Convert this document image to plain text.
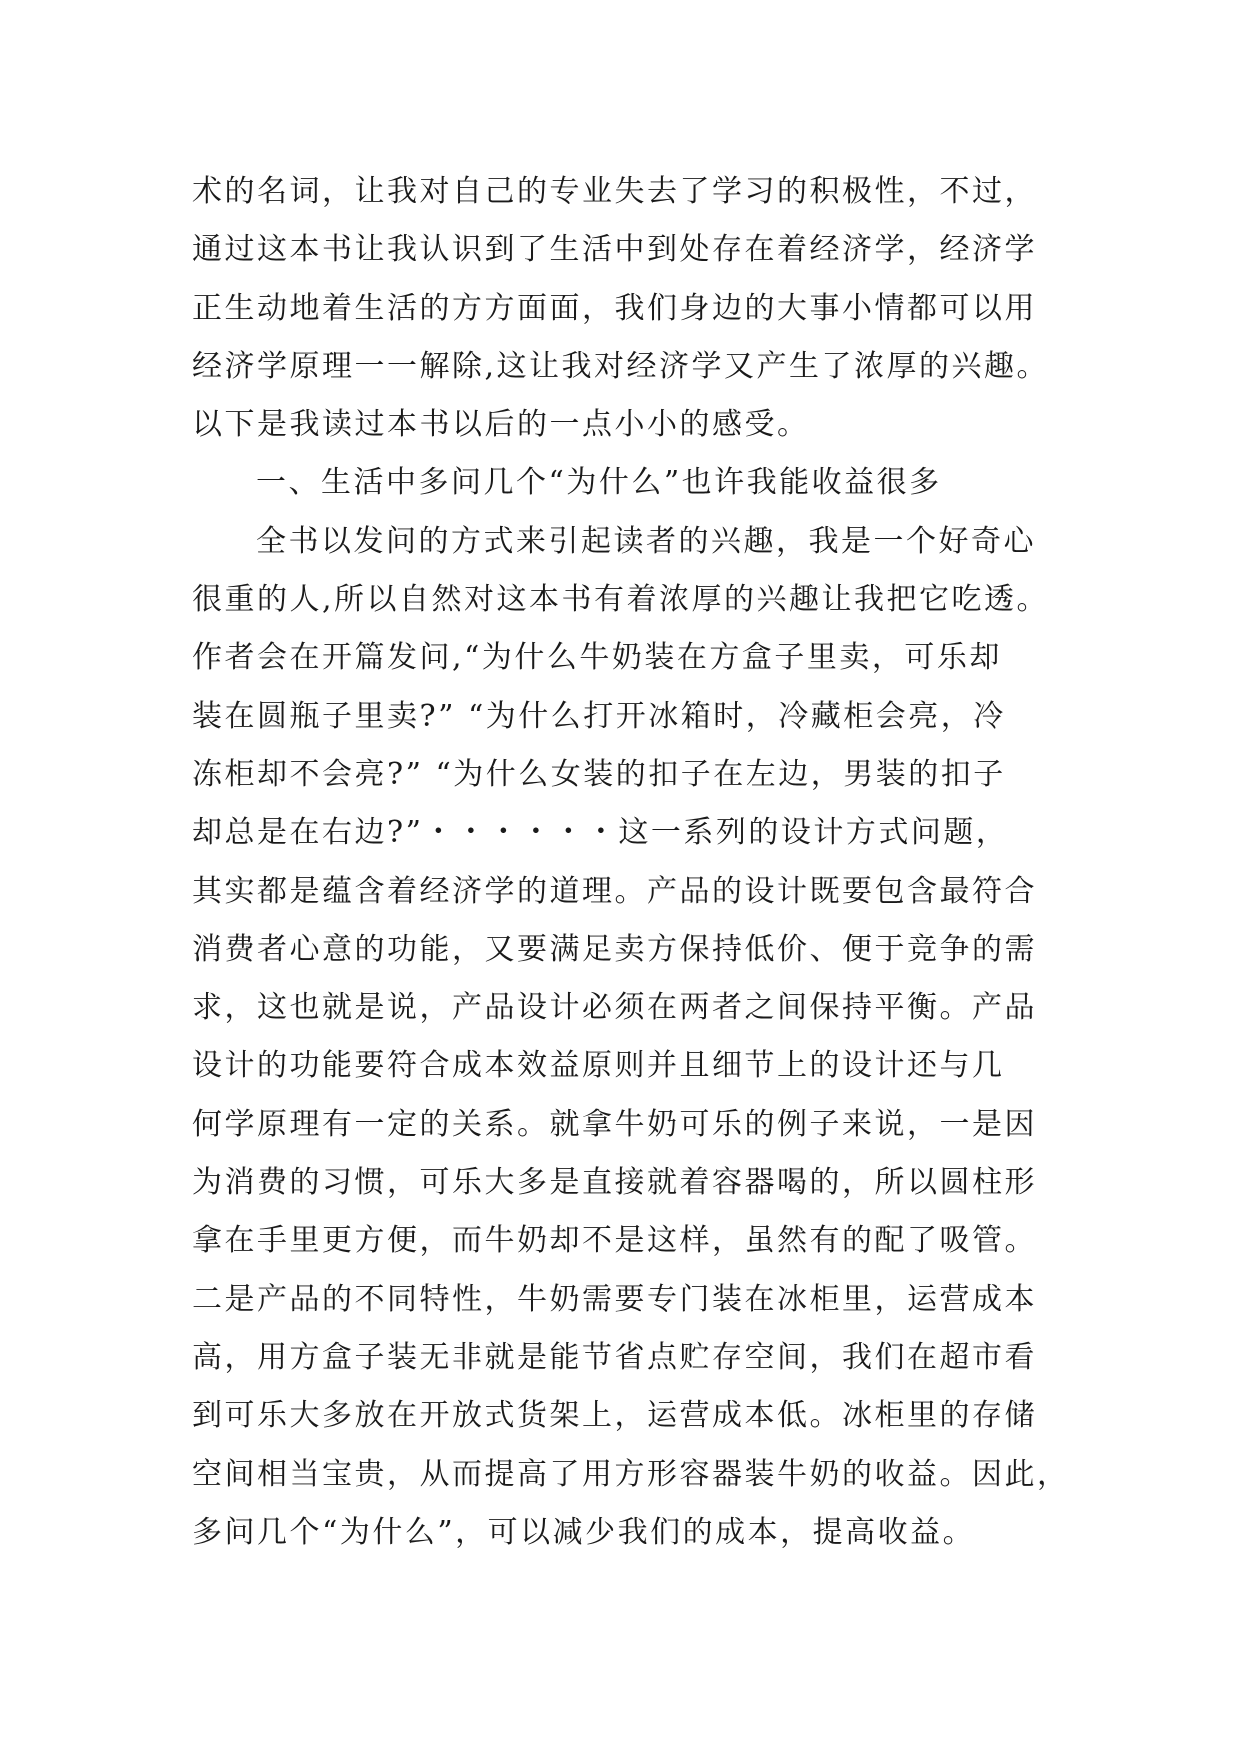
术的名词，让我对自己的专业失去了学习的积极性，不过，
通过这本书让我认识到了生活中到处存在着经济学，经济学
正生动地着生活的方方面面，我们身边的大事小情都可以用
经济学原理一一解除,这让我对经济学又产生了浓厚的兴趣。
以下是我读过本书以后的一点小小的感受。
一、生活中多问几个“为什么”也许我能收益很多
全书以发问的方式来引起读者的兴趣，我是一个好奇心
很重的人,所以自然对这本书有着浓厚的兴趣让我把它吃透。
作者会在开篇发问,“为什么牛奶装在方盒子里卖，可乐却
装在圆瓶子里卖?” “为什么打开冰箱时，冷藏柜会亮，冷
冻柜却不会亮?” “为什么女装的扣子在左边，男装的扣子
却总是在右边?”・・・・・・这一系列的设计方式问题，
其实都是蕴含着经济学的道理。产品的设计既要包含最符合
消费者心意的功能，又要满足卖方保持低价、便于竞争的需
求，这也就是说，产品设计必须在两者之间保持平衡。产品
设计的功能要符合成本效益原则并且细节上的设计还与几
何学原理有一定的关系。就拿牛奶可乐的例子来说，一是因
为消费的习惯，可乐大多是直接就着容器喝的，所以圆柱形
拿在手里更方便，而牛奶却不是这样，虽然有的配了吸管。
二是产品的不同特性，牛奶需要专门装在冰柜里，运营成本
高，用方盒子装无非就是能节省点贮存空间，我们在超市看
到可乐大多放在开放式货架上，运营成本低。冰柜里的存储
空间相当宝贵，从而提高了用方形容器装牛奶的收益。因此，
多问几个“为什么”，可以减少我们的成本，提高收益。
